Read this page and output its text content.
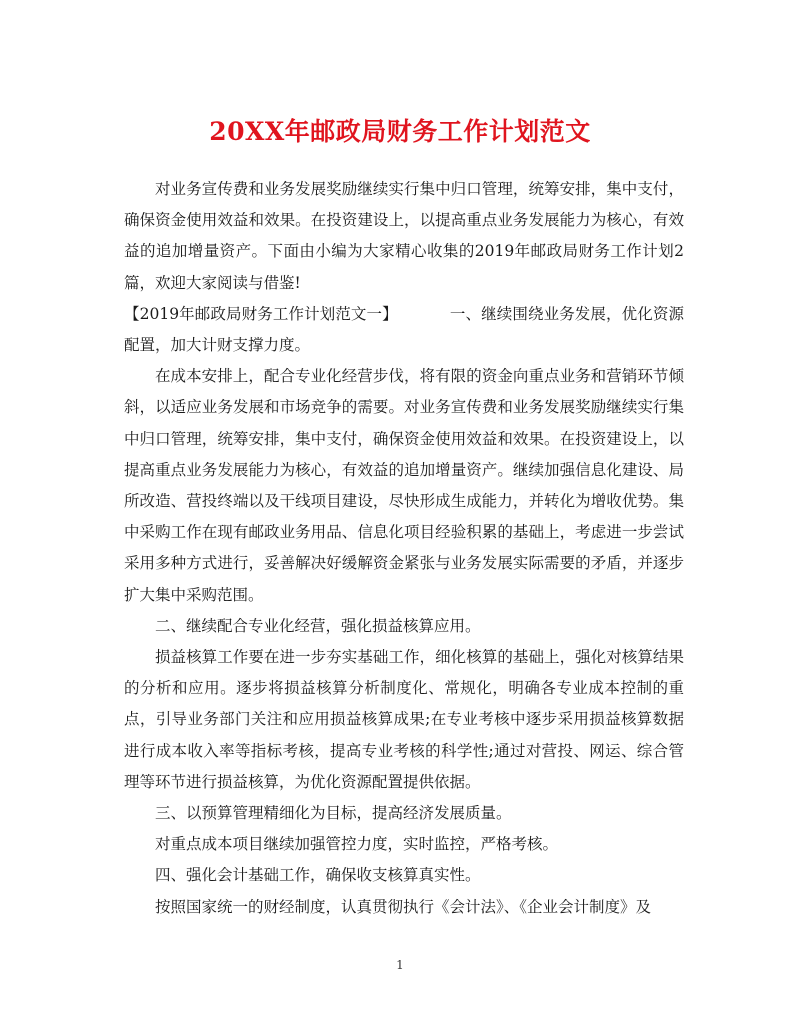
20XX年邮政局财务工作计划范文

对业务宣传费和业务发展奖励继续实行集中归口管理，统筹安排，集中支付，确保资金使用效益和效果。在投资建设上，以提高重点业务发展能力为核心，有效益的追加增量资产。下面由小编为大家精心收集的2019年邮政局财务工作计划2篇，欢迎大家阅读与借鉴!

【2019年邮政局财务工作计划范文一】	一、继续围绕业务发展，优化资源配置，加大计财支撑力度。

在成本安排上，配合专业化经营步伐，将有限的资金向重点业务和营销环节倾斜，以适应业务发展和市场竞争的需要。对业务宣传费和业务发展奖励继续实行集中归口管理，统筹安排，集中支付，确保资金使用效益和效果。在投资建设上，以提高重点业务发展能力为核心，有效益的追加增量资产。继续加强信息化建设、局所改造、营投终端以及干线项目建设，尽快形成生成能力，并转化为增收优势。集中采购工作在现有邮政业务用品、信息化项目经验积累的基础上，考虑进一步尝试采用多种方式进行，妥善解决好缓解资金紧张与业务发展实际需要的矛盾，并逐步扩大集中采购范围。

二、继续配合专业化经营，强化损益核算应用。

损益核算工作要在进一步夯实基础工作，细化核算的基础上，强化对核算结果的分析和应用。逐步将损益核算分析制度化、常规化，明确各专业成本控制的重点，引导业务部门关注和应用损益核算成果;在专业考核中逐步采用损益核算数据进行成本收入率等指标考核，提高专业考核的科学性;通过对营投、网运、综合管理等环节进行损益核算，为优化资源配置提供依据。

三、以预算管理精细化为目标，提高经济发展质量。

对重点成本项目继续加强管控力度，实时监控，严格考核。

四、强化会计基础工作，确保收支核算真实性。

按照国家统一的财经制度，认真贯彻执行《会计法》、《企业会计制度》及

1
